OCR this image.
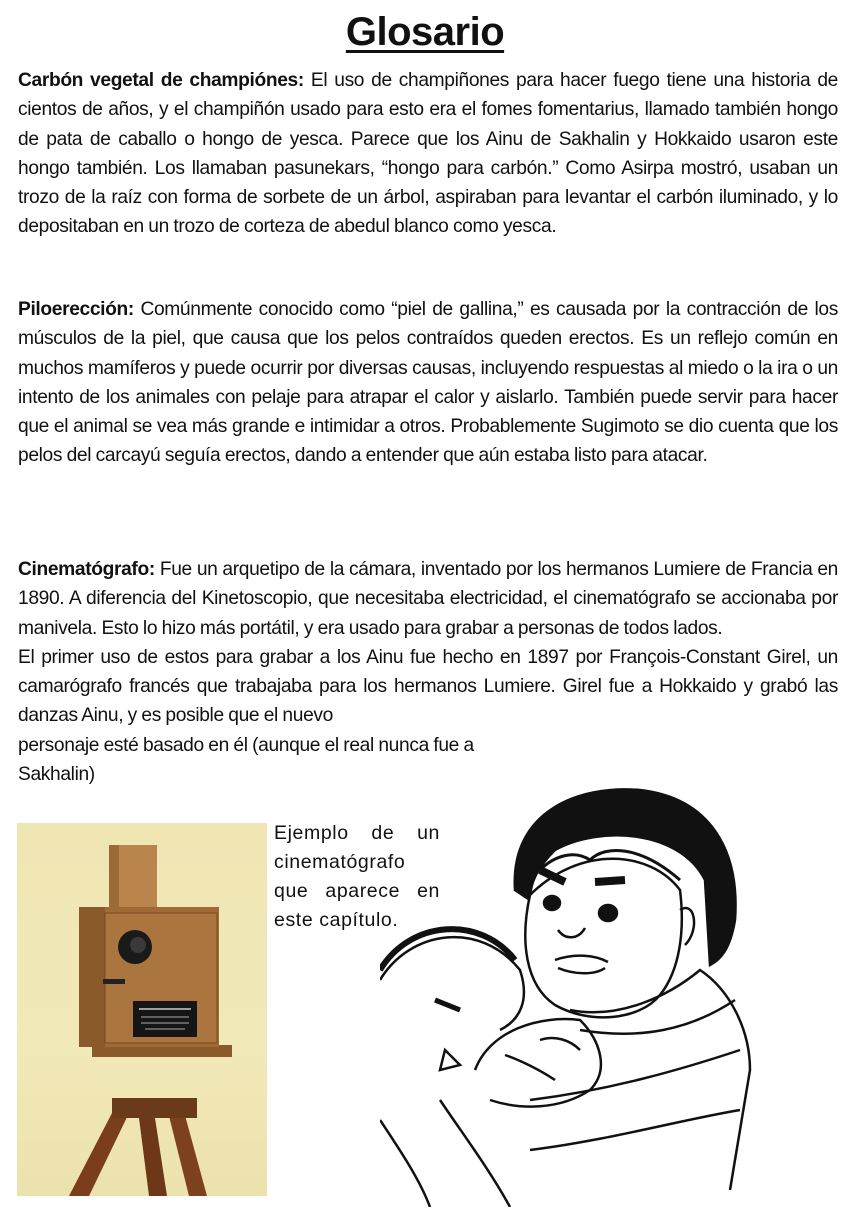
Glosario
Carbón vegetal de champiónes: El uso de champiñones para hacer fuego tiene una historia de cientos de años, y el champiñón usado para esto era el fomes fomentarius, llamado también hongo de pata de caballo o hongo de yesca. Parece que los Ainu de Sakhalin y Hokkaido usaron este hongo también. Los llamaban pasunekars, “hongo para carbón.” Como Asirpa mostró, usaban un trozo de la raíz con forma de sorbete de un árbol, aspiraban para levantar el carbón iluminado, y lo depositaban en un trozo de corteza de abedul blanco como yesca.
Piloerección: Comúnmente conocido como “piel de gallina,” es causada por la contracción de los músculos de la piel, que causa que los pelos contraídos queden erectos. Es un reflejo común en muchos mamíferos y puede ocurrir por diversas causas, incluyendo respuestas al miedo o la ira o un intento de los animales con pelaje para atrapar el calor y aislarlo. También puede servir para hacer que el animal se vea más grande e intimidar a otros. Probablemente Sugimoto se dio cuenta que los pelos del carcayú seguía erectos, dando a entender que aún estaba listo para atacar.
Cinematógrafo: Fue un arquetipo de la cámara, inventado por los hermanos Lumiere de Francia en 1890. A diferencia del Kinetoscopio, que necesitaba electricidad, el cinematógrafo se accionaba por manivela. Esto lo hizo más portátil, y era usado para grabar a personas de todos lados.
El primer uso de estos para grabar a los Ainu fue hecho en 1897 por François-Constant Girel, un camarógrafo francés que trabajaba para los hermanos Lumiere. Girel fue a Hokkaido y grabó las danzas Ainu, y es posible que el nuevo
personaje esté basado en él (aunque el real nunca fue a Sakhalin)
Ejemplo de un cinematógrafo que aparece en este capítulo.
